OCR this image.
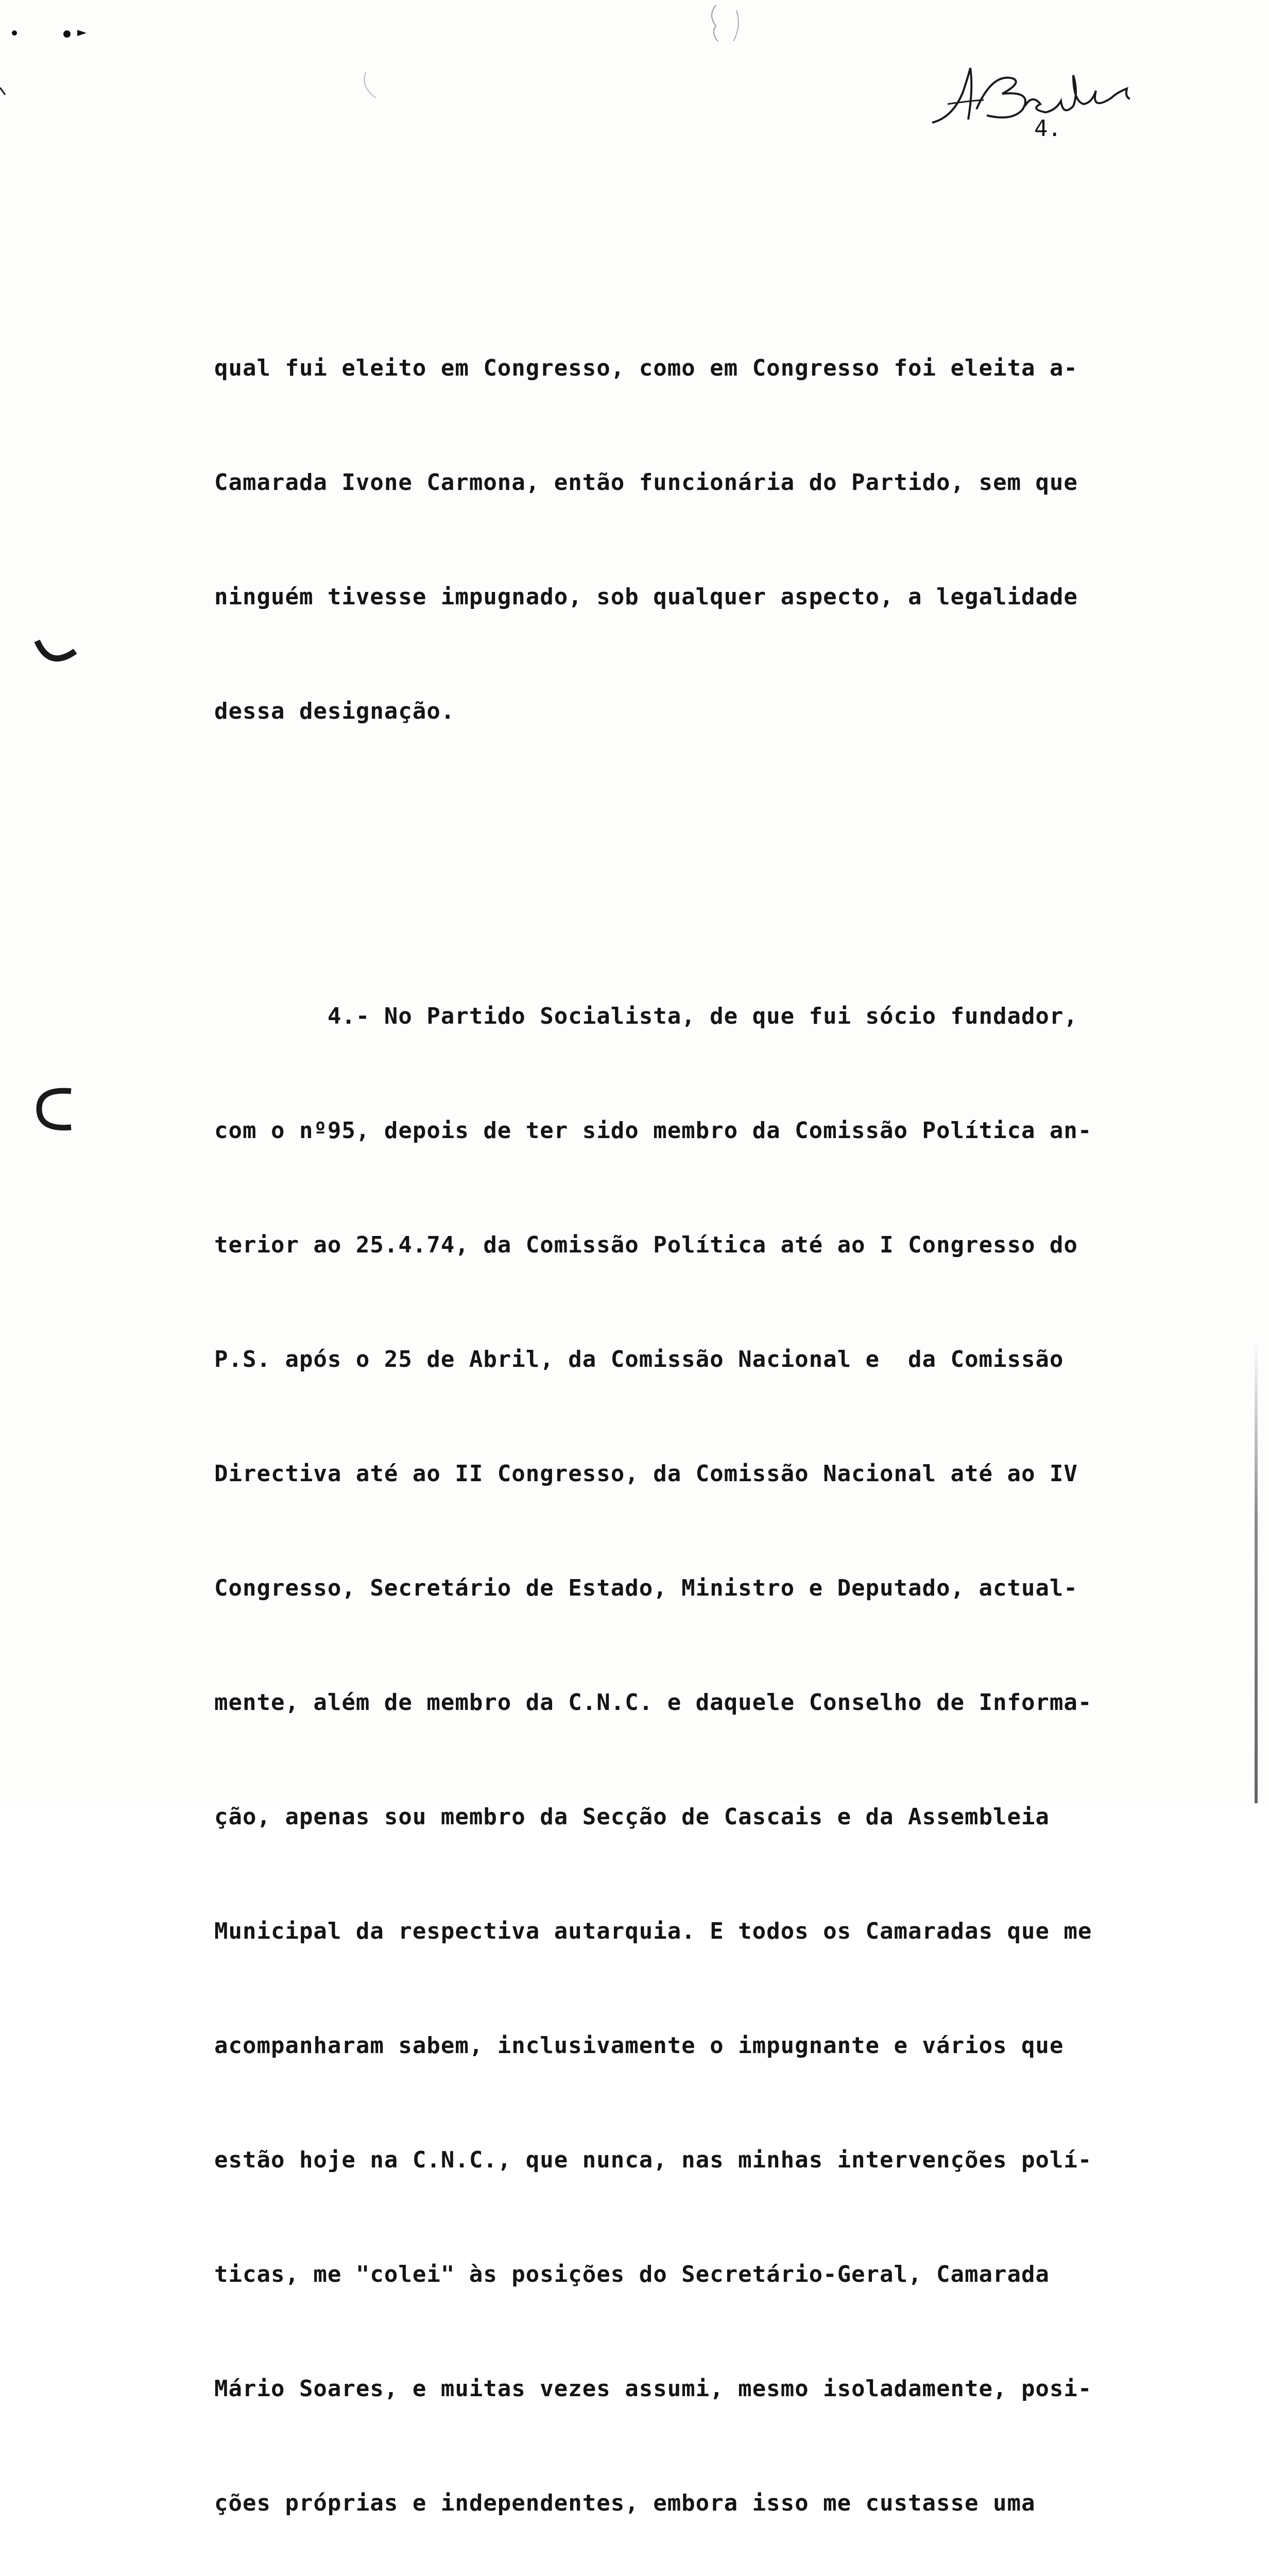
4.

qual fui eleito em Congresso, como em Congresso foi eleita a-

Camarada Ivone Carmona, então funcionária do Partido, sem que

ninguém tivesse impugnado, sob qualquer aspecto, a legalidade

dessa designação.

4.- No Partido Socialista, de que fui sócio fundador,

com o nº95, depois de ter sido membro da Comissão Política an-

terior ao 25.4.74, da Comissão Política até ao I Congresso do

P.S. após o 25 de Abril, da Comissão Nacional e  da Comissão

Directiva até ao II Congresso, da Comissão Nacional até ao IV

Congresso, Secretário de Estado, Ministro e Deputado, actual-

mente, além de membro da C.N.C. e daquele Conselho de Informa-

ção, apenas sou membro da Secção de Cascais e da Assembleia

Municipal da respectiva autarquia. E todos os Camaradas que me

acompanharam sabem, inclusivamente o impugnante e vários que

estão hoje na C.N.C., que nunca, nas minhas intervenções polí-

ticas, me "colei" às posições do Secretário-Geral, Camarada

Mário Soares, e muitas vezes assumi, mesmo isoladamente, posi-

ções próprias e independentes, embora isso me custasse uma
